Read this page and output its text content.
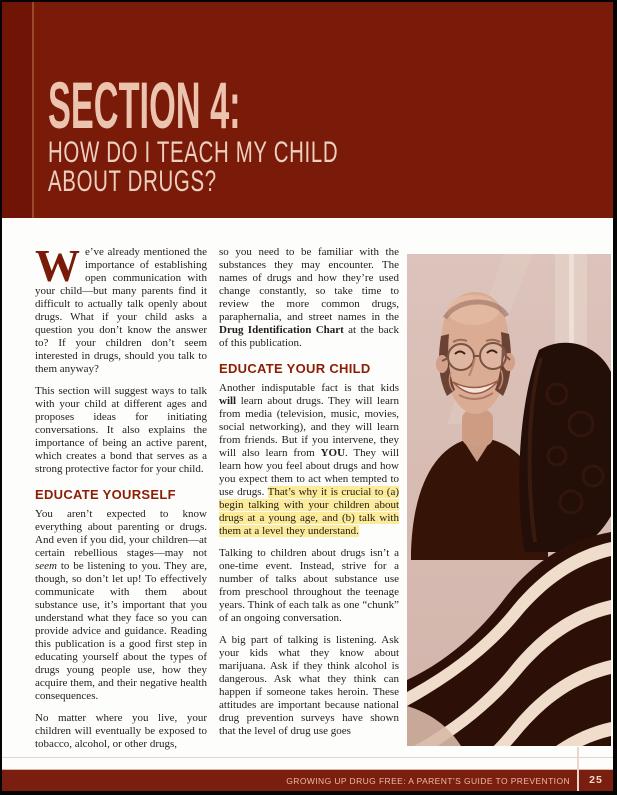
SECTION 4:
HOW DO I TEACH MY CHILD
ABOUT DRUGS?

We’ve already mentioned the importance of establishing open communication with your child—but many parents find it difficult to actually talk openly about drugs. What if your child asks a question you don’t know the answer to? If your children don’t seem interested in drugs, should you talk to them anyway?

This section will suggest ways to talk with your child at different ages and proposes ideas for initiating conversations. It also explains the importance of being an active parent, which creates a bond that serves as a strong protective factor for your child.

EDUCATE YOURSELF

You aren’t expected to know everything about parenting or drugs. And even if you did, your children—at certain rebellious stages—may not seem to be listening to you. They are, though, so don’t let up! To effectively communicate with them about substance use, it’s important that you understand what they face so you can provide advice and guidance. Reading this publication is a good first step in educating yourself about the types of drugs young people use, how they acquire them, and their negative health consequences.

No matter where you live, your children will eventually be exposed to tobacco, alcohol, or other drugs,

so you need to be familiar with the substances they may encounter. The names of drugs and how they’re used change constantly, so take time to review the more common drugs, paraphernalia, and street names in the Drug Identification Chart at the back of this publication.

EDUCATE YOUR CHILD

Another indisputable fact is that kids will learn about drugs. They will learn from media (television, music, movies, social networking), and they will learn from friends. But if you intervene, they will also learn from YOU. They will learn how you feel about drugs and how you expect them to act when tempted to use drugs. That’s why it is crucial to (a) begin talking with your children about drugs at a young age, and (b) talk with them at a level they understand.

Talking to children about drugs isn’t a one-time event. Instead, strive for a number of talks about substance use from preschool throughout the teenage years. Think of each talk as one “chunk” of an ongoing conversation.

A big part of talking is listening. Ask your kids what they know about marijuana. Ask if they think alcohol is dangerous. Ask what they think can happen if someone takes heroin. These attitudes are important because national drug prevention surveys have shown that the level of drug use goes

GROWING UP DRUG FREE: A PARENT’S GUIDE TO PREVENTION	25
